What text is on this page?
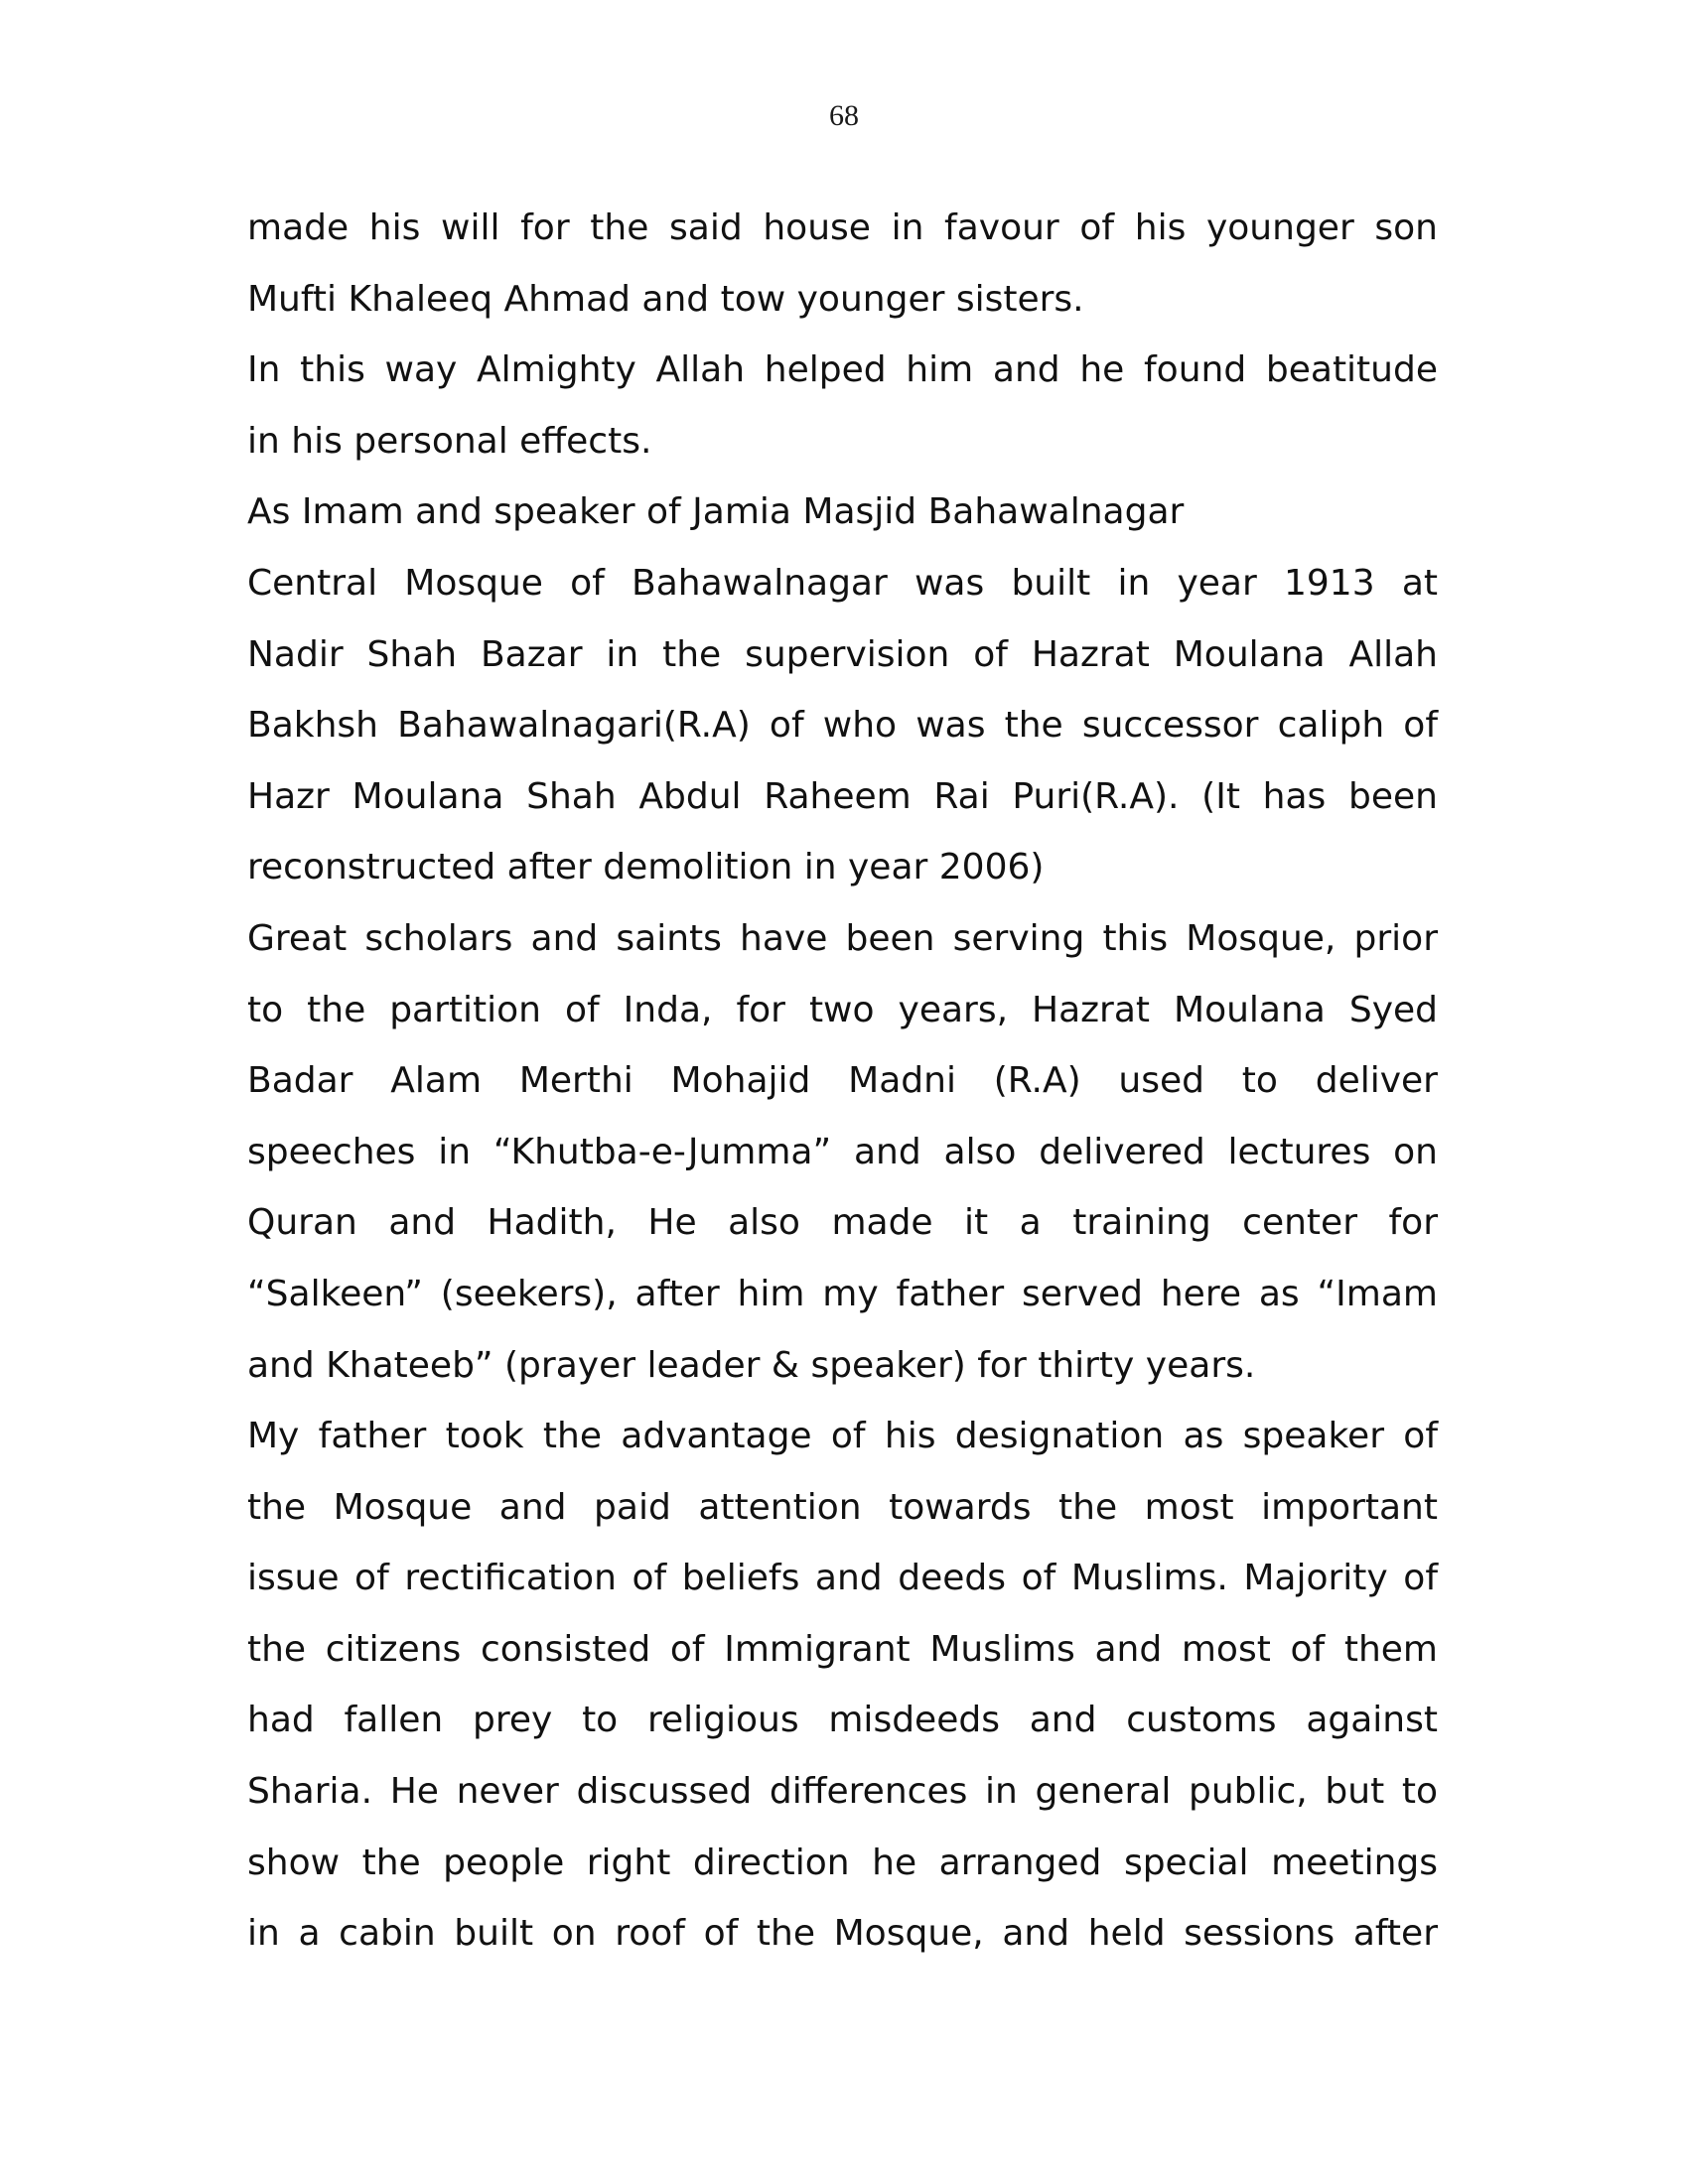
68
made his will for the said house in favour of his younger son
Mufti Khaleeq Ahmad and tow younger sisters.
In this way Almighty Allah helped him and he found beatitude
in his personal effects.
As Imam and speaker of Jamia Masjid Bahawalnagar
Central Mosque of Bahawalnagar was built in year 1913 at
Nadir Shah Bazar in the supervision of Hazrat Moulana Allah
Bakhsh Bahawalnagari(R.A) of who was the successor caliph of
Hazr Moulana Shah Abdul Raheem Rai Puri(R.A). (It has been
reconstructed after demolition in year 2006)
Great scholars and saints have been serving this Mosque, prior
to the partition of Inda, for two years, Hazrat Moulana Syed
Badar Alam Merthi Mohajid Madni (R.A) used to deliver
speeches in “Khutba-e-Jumma” and also delivered lectures on
Quran and Hadith, He also made it a training center for
“Salkeen” (seekers), after him my father served here as “Imam
and Khateeb” (prayer leader & speaker) for thirty years.
My father took the advantage of his designation as speaker of
the Mosque and paid attention towards the most important
issue of rectification of beliefs and deeds of Muslims. Majority of
the citizens consisted of Immigrant Muslims and most of them
had fallen prey to religious misdeeds and customs against
Sharia. He never discussed differences in general public, but to
show the people right direction he arranged special meetings
in a cabin built on roof of the Mosque, and held sessions after
